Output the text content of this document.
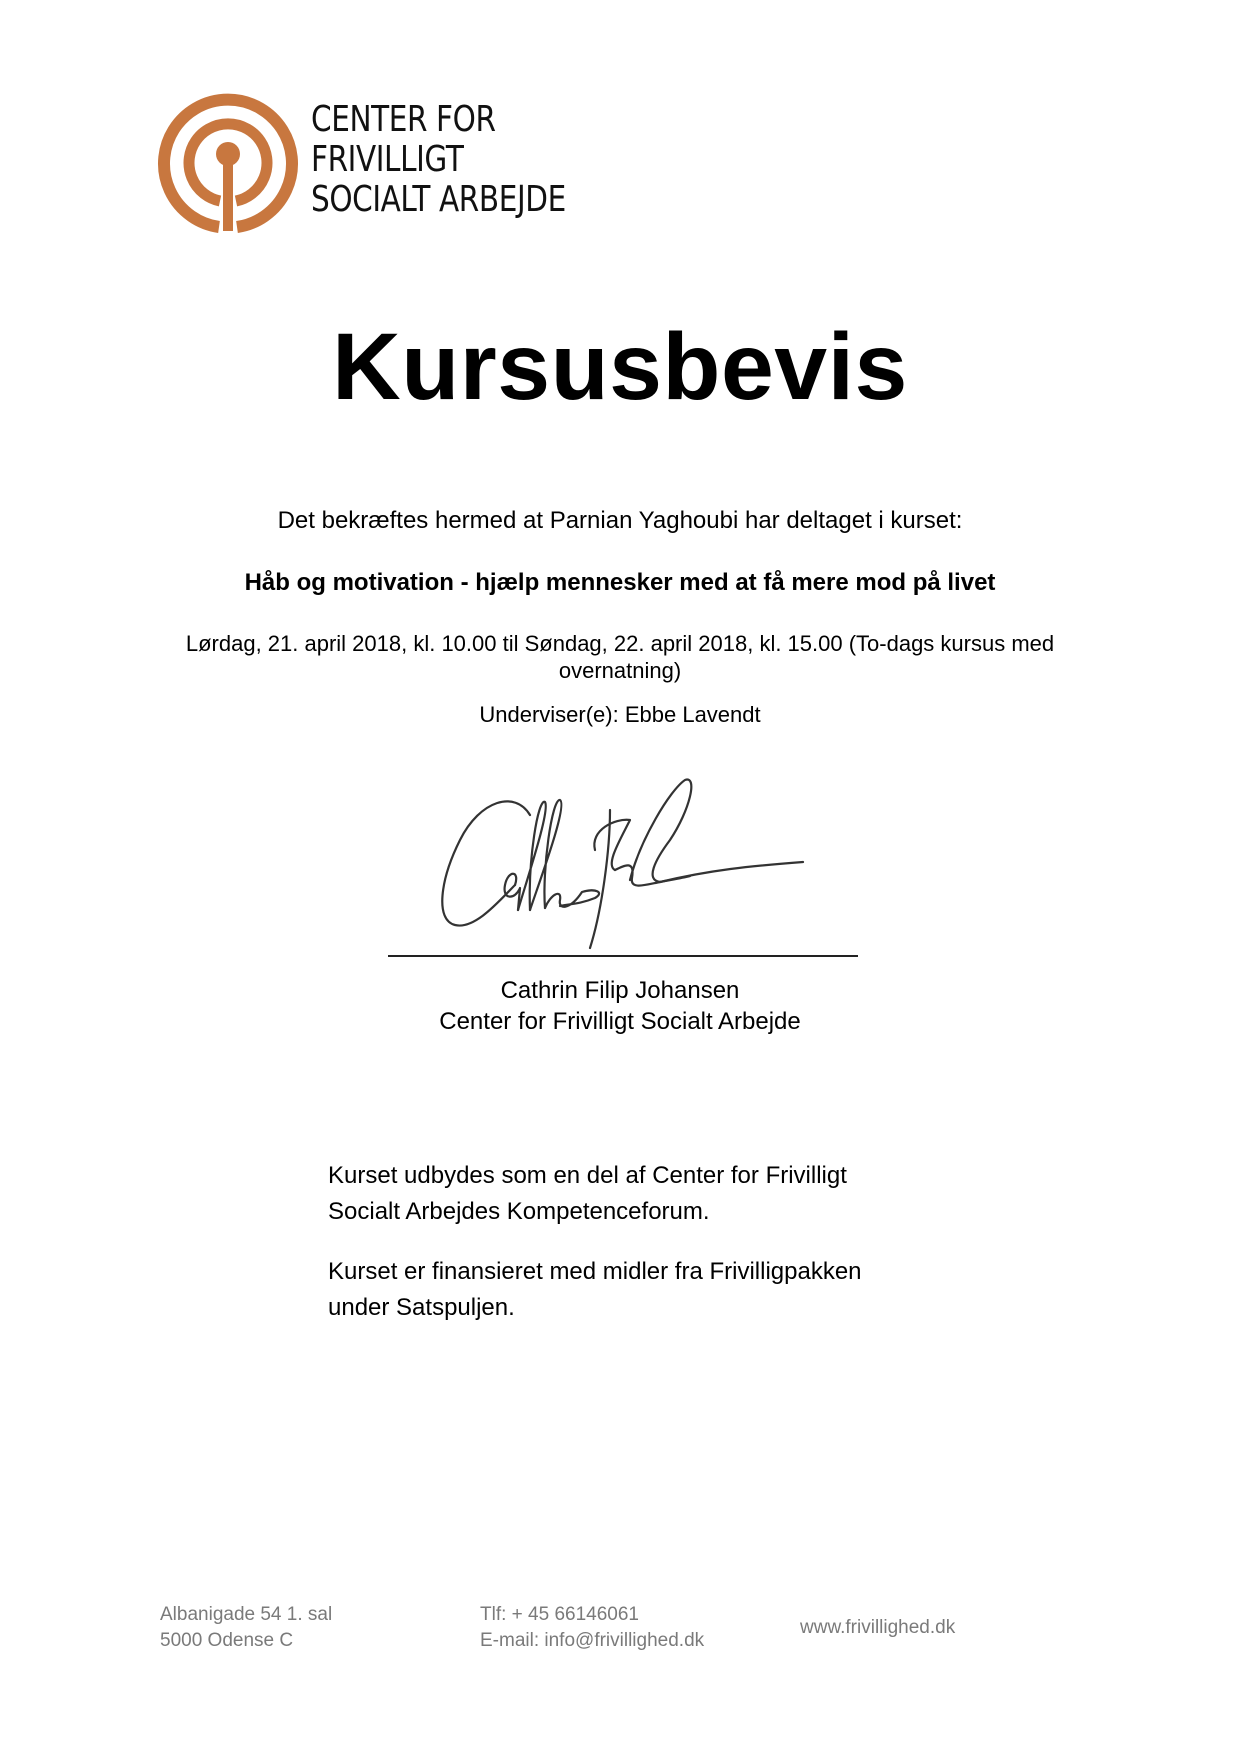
CENTER FOR
FRIVILLIGT
SOCIALT ARBEJDE
Kursusbevis
Det bekræftes hermed at Parnian Yaghoubi har deltaget i kurset:
Håb og motivation - hjælp mennesker med at få mere mod på livet
Lørdag, 21. april 2018, kl. 10.00 til Søndag, 22. april 2018, kl. 15.00 (To-dags kursus med overnatning)
Underviser(e): Ebbe Lavendt
Cathrin Filip Johansen
Center for Frivilligt Socialt Arbejde
Kurset udbydes som en del af Center for Frivilligt
Socialt Arbejdes Kompetenceforum.
Kurset er finansieret med midler fra Frivilligpakken
under Satspuljen.
Albanigade 54 1. sal
5000 Odense C
Tlf: + 45 66146061
E-mail: info@frivillighed.dk
www.frivillighed.dk
